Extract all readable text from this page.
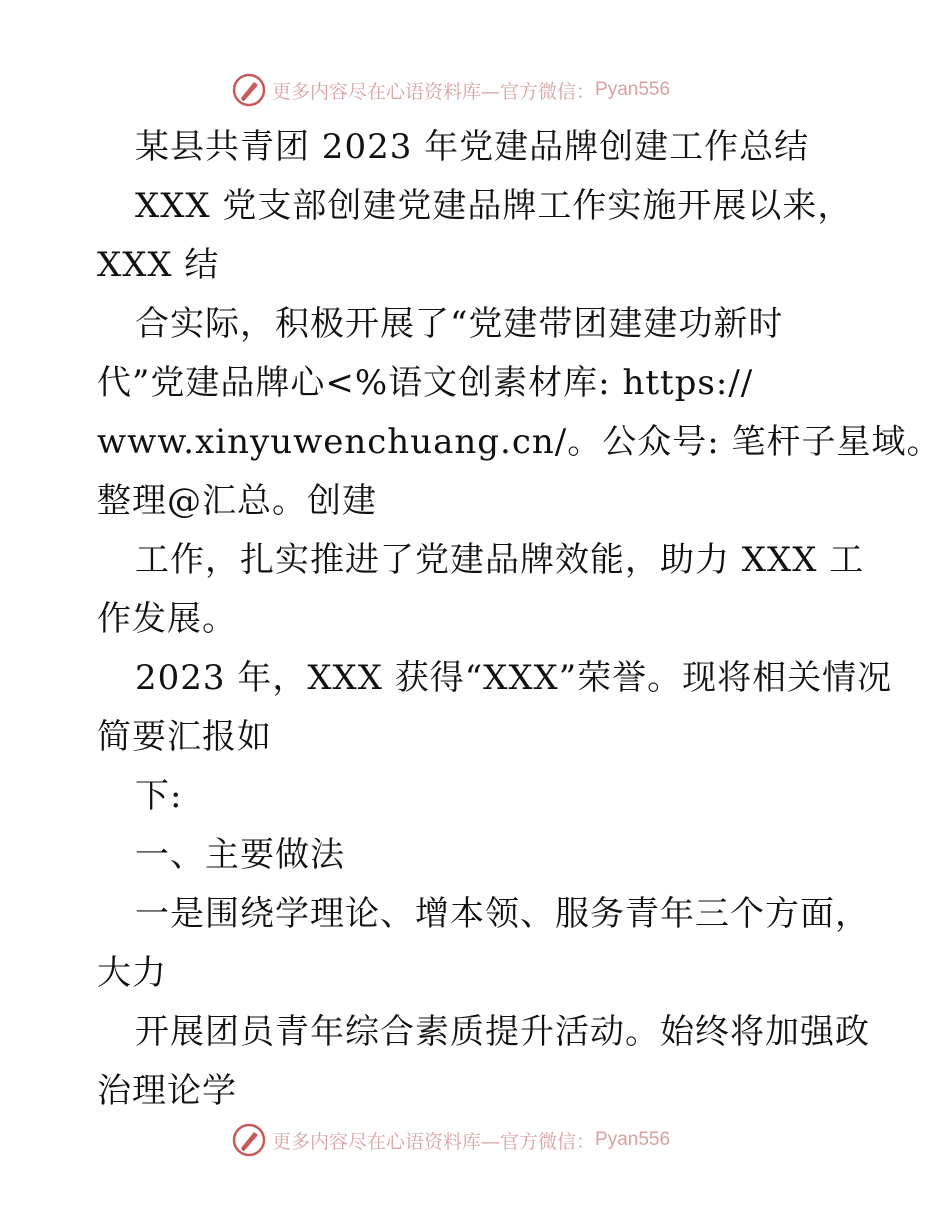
更多内容尽在心语资料库—官方微信： Pyan556
某县共青团 2023 年党建品牌创建工作总结
XXX 党支部创建党建品牌工作实施开展以来，
XXX 结
合实际，积极开展了“党建带团建建功新时
代”党建品牌心<%语文创素材库: https://
www.xinyuwenchuang.cn/。公众号: 笔杆子星域。
整理@汇总。创建
工作，扎实推进了党建品牌效能，助力 XXX 工
作发展。
2023 年，XXX 获得“XXX”荣誉。现将相关情况
简要汇报如
下:
一、主要做法
一是围绕学理论、增本领、服务青年三个方面，
大力
开展团员青年综合素质提升活动。始终将加强政
治理论学
更多内容尽在心语资料库—官方微信： Pyan556
